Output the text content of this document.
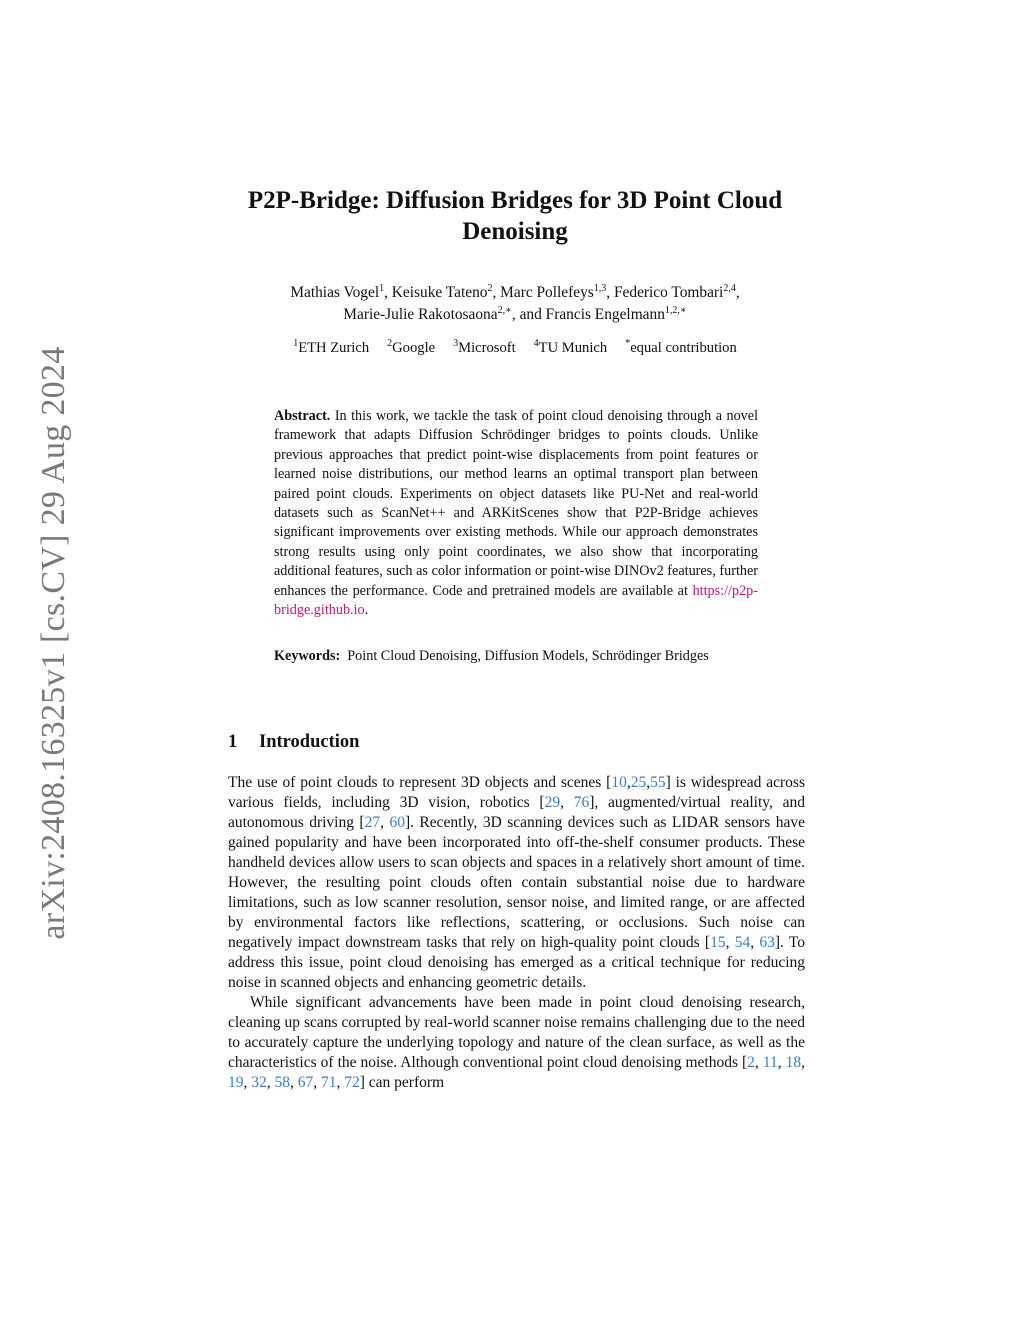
arXiv:2408.16325v1 [cs.CV] 29 Aug 2024
P2P-Bridge: Diffusion Bridges for 3D Point Cloud Denoising
Mathias Vogel$^1$, Keisuke Tateno$^2$, Marc Pollefeys$^{1,3}$, Federico Tombari$^{2,4}$,
Marie-Julie Rakotosaona$^{2,∗}$, and Francis Engelmann$^{1,2,∗}$
$^1$ETH Zurich $^2$Google $^3$Microsoft $^4$TU Munich *equal contribution
Abstract. In this work, we tackle the task of point cloud denoising through a novel framework that adapts Diffusion Schrödinger bridges to points clouds. Unlike previous approaches that predict point-wise displacements from point features or learned noise distributions, our method learns an optimal transport plan between paired point clouds. Experiments on object datasets like PU-Net and real-world datasets such as ScanNet++ and ARKitScenes show that P2P-Bridge achieves significant improvements over existing methods. While our approach demonstrates strong results using only point coordinates, we also show that incorporating additional features, such as color information or point-wise DINOv2 features, further enhances the performance. Code and pretrained models are available at https://p2p-bridge.github.io.
Keywords: Point Cloud Denoising, Diffusion Models, Schrödinger Bridges
1 Introduction

The use of point clouds to represent 3D objects and scenes [10,25,55] is widespread across various fields, including 3D vision, robotics [29, 76], augmented/virtual reality, and autonomous driving [27, 60]. Recently, 3D scanning devices such as LIDAR sensors have gained popularity and have been incorporated into off-the-shelf consumer products. These handheld devices allow users to scan objects and spaces in a relatively short amount of time. However, the resulting point clouds often contain substantial noise due to hardware limitations, such as low scanner resolution, sensor noise, and limited range, or are affected by environmental factors like reflections, scattering, or occlusions. Such noise can negatively impact downstream tasks that rely on high-quality point clouds [15, 54, 63]. To address this issue, point cloud denoising has emerged as a critical technique for reducing noise in scanned objects and enhancing geometric details.

While significant advancements have been made in point cloud denoising research, cleaning up scans corrupted by real-world scanner noise remains challenging due to the need to accurately capture the underlying topology and nature of the clean surface, as well as the characteristics of the noise. Although conventional point cloud denoising methods [2, 11, 18, 19, 32, 58, 67, 71, 72] can perform
